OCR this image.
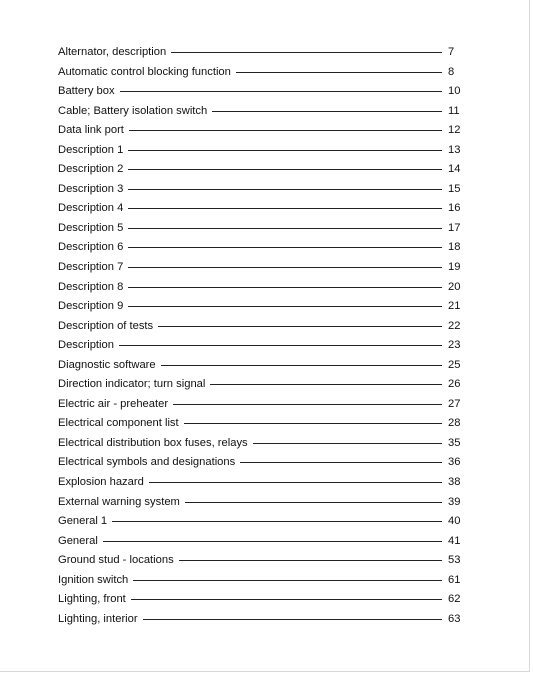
Alternator, description	7
Automatic control blocking function	8
Battery box	10
Cable; Battery isolation switch	11
Data link port	12
Description 1	13
Description 2	14
Description 3	15
Description 4	16
Description 5	17
Description 6	18
Description 7	19
Description 8	20
Description 9	21
Description of tests	22
Description	23
Diagnostic software	25
Direction indicator; turn signal	26
Electric air - preheater	27
Electrical component list	28
Electrical distribution box fuses, relays	35
Electrical symbols and designations	36
Explosion hazard	38
External warning system	39
General 1	40
General	41
Ground stud - locations	53
Ignition switch	61
Lighting, front	62
Lighting, interior	63
